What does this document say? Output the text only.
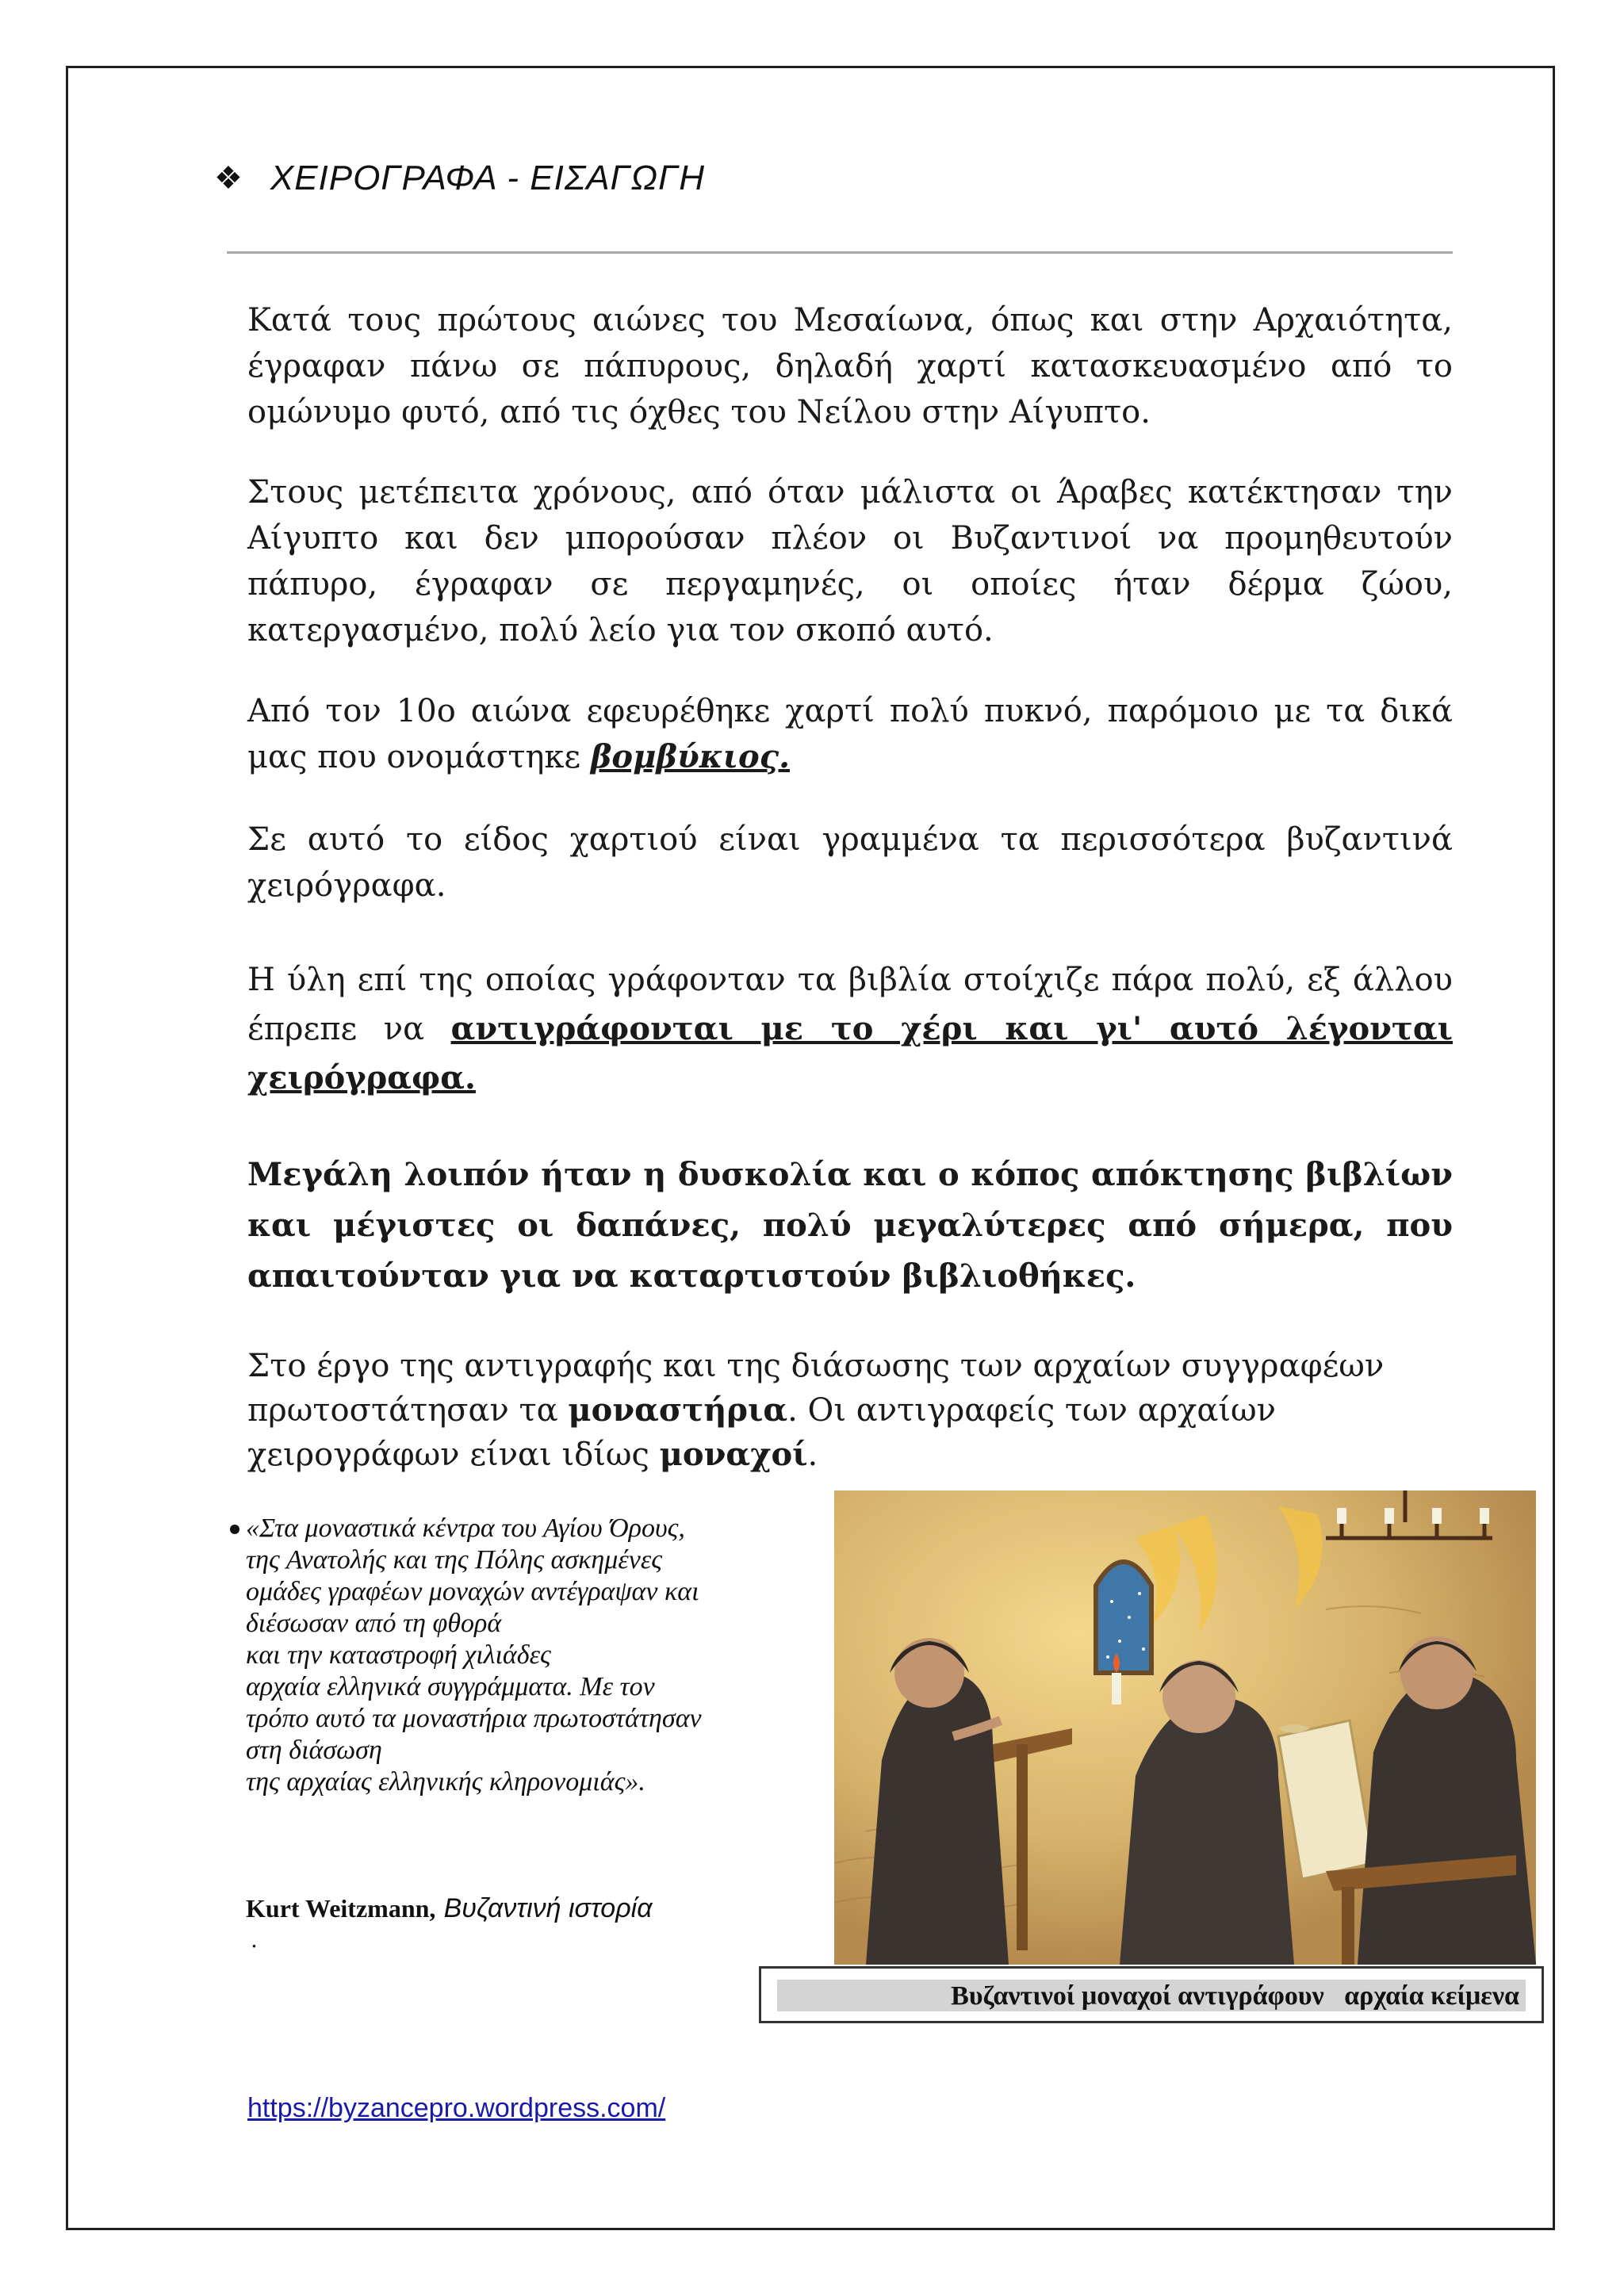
❖ ΧΕΙΡΟΓΡΑΦΑ - ΕΙΣΑΓΩΓΗ

Κατά τους πρώτους αιώνες του Μεσαίωνα, όπως και στην Αρχαιότητα, έγραφαν πάνω σε πάπυρους, δηλαδή χαρτί κατασκευασμένο από το ομώνυμο φυτό, από τις όχθες του Νείλου στην Αίγυπτο.

Στους μετέπειτα χρόνους, από όταν μάλιστα οι Άραβες κατέκτησαν την Αίγυπτο και δεν μπορούσαν πλέον οι Βυζαντινοί να προμηθευτούν πάπυρο, έγραφαν σε περγαμηνές, οι οποίες ήταν δέρμα ζώου, κατεργασμένο, πολύ λείο για τον σκοπό αυτό.

Από τον 10ο αιώνα εφευρέθηκε χαρτί πολύ πυκνό, παρόμοιο με τα δικά μας που ονομάστηκε βομβύκιος.

Σε αυτό το είδος χαρτιού είναι γραμμένα τα περισσότερα βυζαντινά χειρόγραφα.

Η ύλη επί της οποίας γράφονταν τα βιβλία στοίχιζε πάρα πολύ, εξ άλλου έπρεπε να αντιγράφονται με το χέρι και γι' αυτό λέγονται χειρόγραφα.

Μεγάλη λοιπόν ήταν η δυσκολία και ο κόπος απόκτησης βιβλίων και μέγιστες οι δαπάνες, πολύ μεγαλύτερες από σήμερα, που απαιτούνταν για να καταρτιστούν βιβλιοθήκες.

Στο έργο της αντιγραφής και της διάσωσης των αρχαίων συγγραφέων πρωτοστάτησαν τα μοναστήρια. Οι αντιγραφείς των αρχαίων χειρογράφων είναι ιδίως μοναχοί.

«Στα μοναστικά κέντρα του Αγίου Όρους,
της Ανατολής και της Πόλης ασκημένες
ομάδες γραφέων μοναχών αντέγραψαν και
διέσωσαν από τη φθορά
και την καταστροφή χιλιάδες
αρχαία ελληνικά συγγράμματα. Με τον
τρόπο αυτό τα μοναστήρια πρωτοστάτησαν
στη διάσωση
της αρχαίας ελληνικής κληρονομιάς».
Kurt Weitzmann, Βυζαντινή ιστορία
.
Βυζαντινοί μοναχοί αντιγράφουν   αρχαία κείμενα
https://byzancepro.wordpress.com/
